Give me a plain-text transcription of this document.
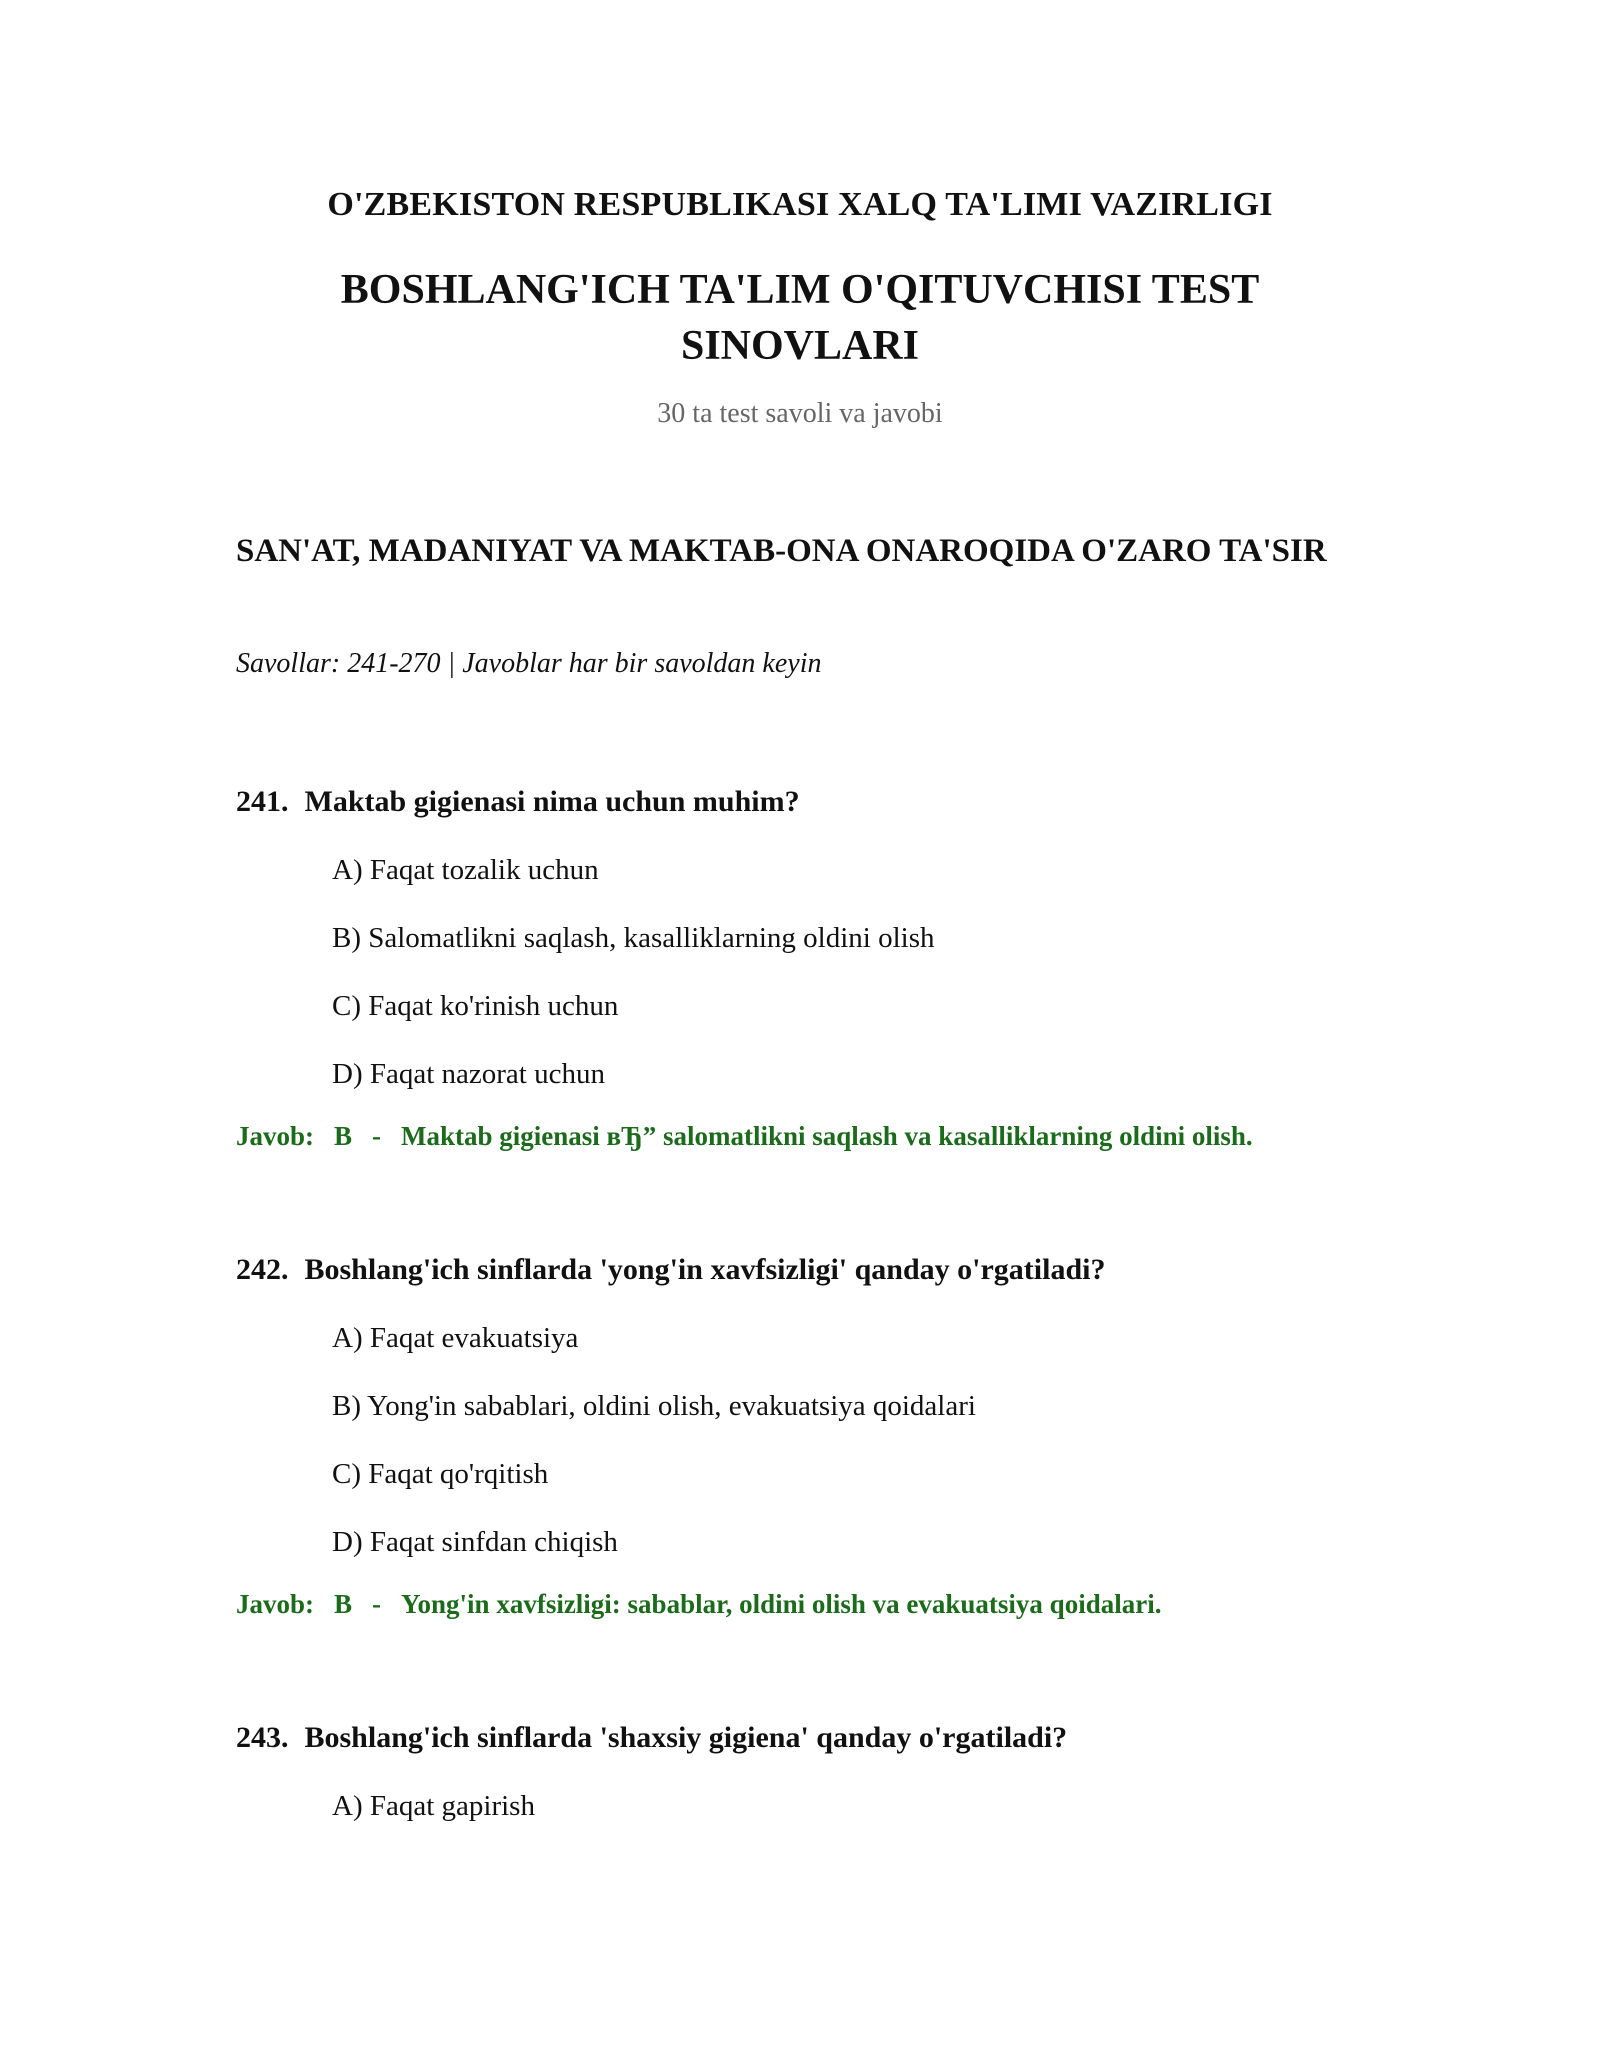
O'ZBEKISTON RESPUBLIKASI XALQ TA'LIMI VAZIRLIGI
BOSHLANG'ICH TA'LIM O'QITUVCHISI TEST SINOVLARI
30 ta test savoli va javobi
SAN'AT, MADANIYAT VA MAKTAB-ONA ONAROQIDA O'ZARO TA'SIR
Savollar: 241-270 | Javoblar har bir savoldan keyin
241. Maktab gigienasi nima uchun muhim?
A) Faqat tozalik uchun
B) Salomatlikni saqlash, kasalliklarning oldini olish
C) Faqat ko'rinish uchun
D) Faqat nazorat uchun
Javob: B - Maktab gigienasi вЂ” salomatlikni saqlash va kasalliklarning oldini olish.
242. Boshlang'ich sinflarda 'yong'in xavfsizligi' qanday o'rgatiladi?
A) Faqat evakuatsiya
B) Yong'in sabablari, oldini olish, evakuatsiya qoidalari
C) Faqat qo'rqitish
D) Faqat sinfdan chiqish
Javob: B - Yong'in xavfsizligi: sabablar, oldini olish va evakuatsiya qoidalari.
243. Boshlang'ich sinflarda 'shaxsiy gigiena' qanday o'rgatiladi?
A) Faqat gapirish
